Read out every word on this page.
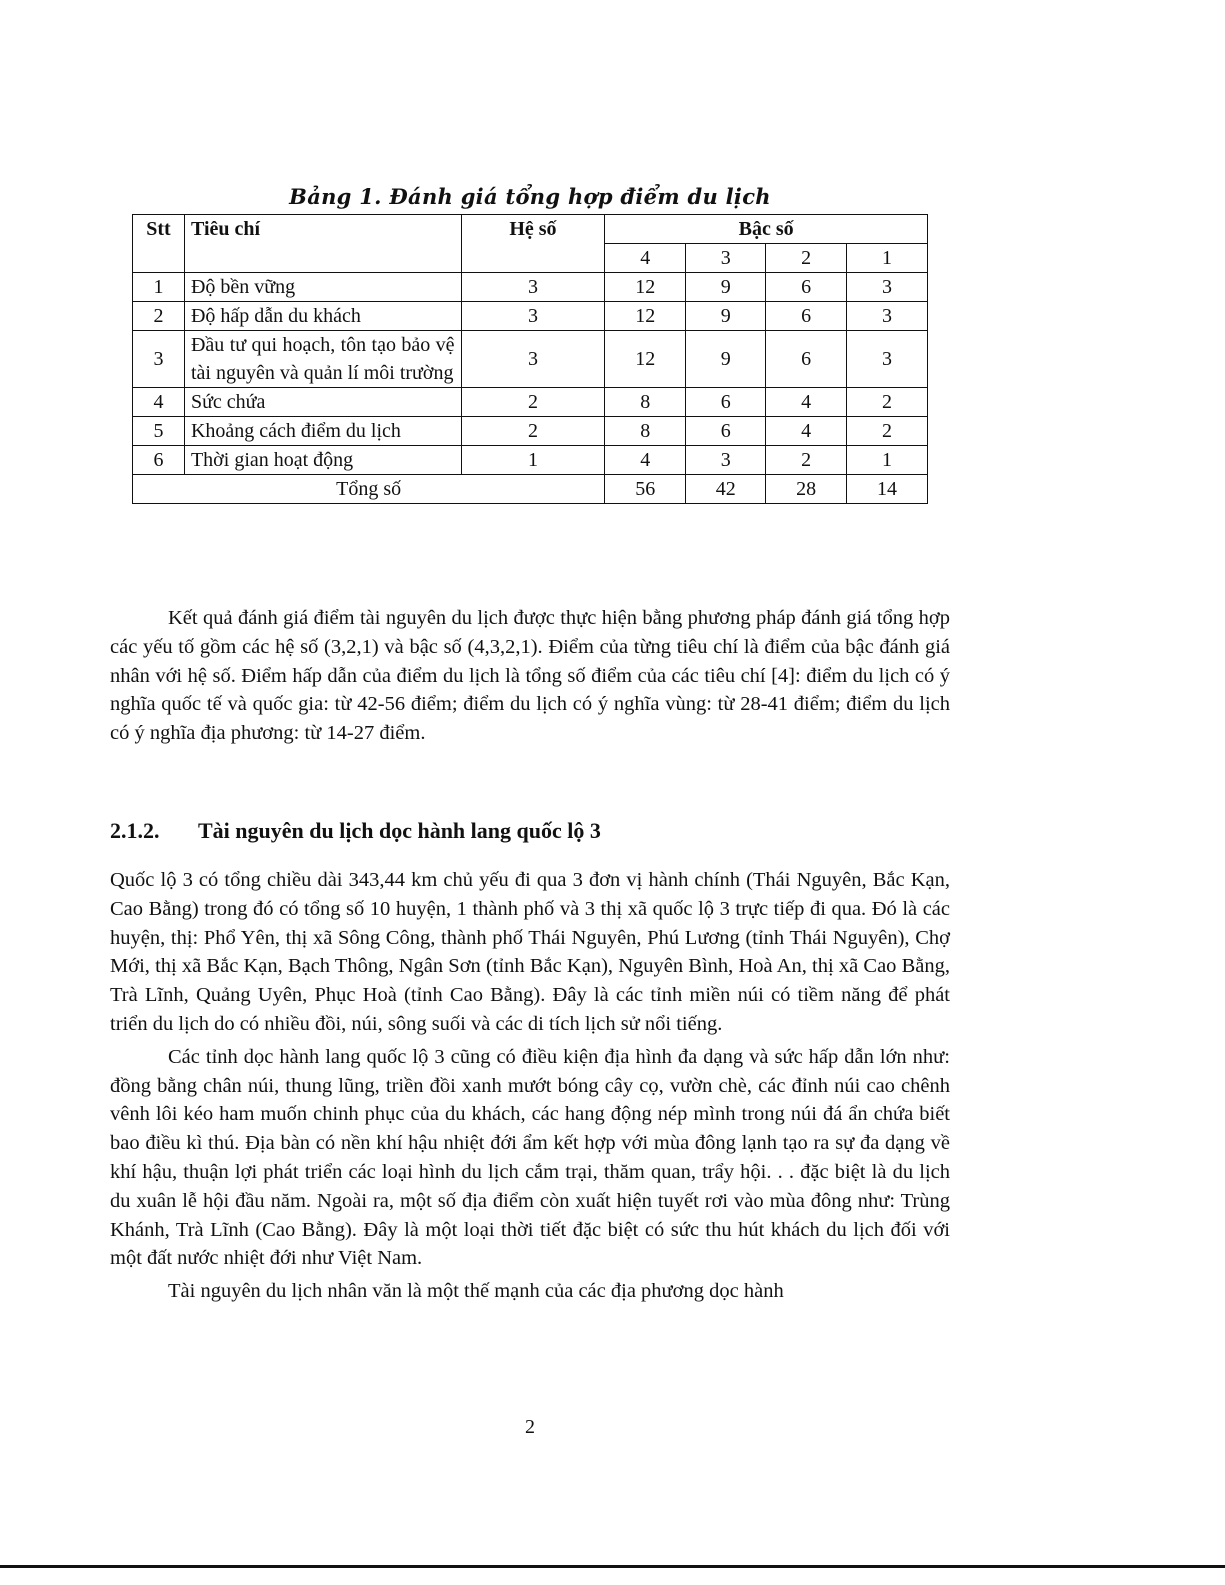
Bảng 1. Đánh giá tổng hợp điểm du lịch
Stt	Tiêu chí	Hệ số	Bậc số			
			4	3	2	1
1	Độ bền vững	3	12	9	6	3
2	Độ hấp dẫn du khách	3	12	9	6	3
3	Đầu tư qui hoạch, tôn tạo bảo vệ tài nguyên và quản lí môi trường	3	12	9	6	3
4	Sức chứa	2	8	6	4	2
5	Khoảng cách điểm du lịch	2	8	6	4	2
6	Thời gian hoạt động	1	4	3	2	1
Tổng số			56	42	28	14

Kết quả đánh giá điểm tài nguyên du lịch được thực hiện bằng phương pháp đánh giá tổng hợp các yếu tố gồm các hệ số (3,2,1) và bậc số (4,3,2,1). Điểm của từng tiêu chí là điểm của bậc đánh giá nhân với hệ số. Điểm hấp dẫn của điểm du lịch là tổng số điểm của các tiêu chí [4]: điểm du lịch có ý nghĩa quốc tế và quốc gia: từ 42-56 điểm; điểm du lịch có ý nghĩa vùng: từ 28-41 điểm; điểm du lịch có ý nghĩa địa phương: từ 14-27 điểm.

2.1.2. Tài nguyên du lịch dọc hành lang quốc lộ 3

Quốc lộ 3 có tổng chiều dài 343,44 km chủ yếu đi qua 3 đơn vị hành chính (Thái Nguyên, Bắc Kạn, Cao Bằng) trong đó có tổng số 10 huyện, 1 thành phố và 3 thị xã quốc lộ 3 trực tiếp đi qua. Đó là các huyện, thị: Phổ Yên, thị xã Sông Công, thành phố Thái Nguyên, Phú Lương (tỉnh Thái Nguyên), Chợ Mới, thị xã Bắc Kạn, Bạch Thông, Ngân Sơn (tỉnh Bắc Kạn), Nguyên Bình, Hoà An, thị xã Cao Bằng, Trà Lĩnh, Quảng Uyên, Phục Hoà (tỉnh Cao Bằng). Đây là các tỉnh miền núi có tiềm năng để phát triển du lịch do có nhiều đồi, núi, sông suối và các di tích lịch sử nổi tiếng.

Các tỉnh dọc hành lang quốc lộ 3 cũng có điều kiện địa hình đa dạng và sức hấp dẫn lớn như: đồng bằng chân núi, thung lũng, triền đồi xanh mướt bóng cây cọ, vườn chè, các đỉnh núi cao chênh vênh lôi kéo ham muốn chinh phục của du khách, các hang động nép mình trong núi đá ẩn chứa biết bao điều kì thú. Địa bàn có nền khí hậu nhiệt đới ẩm kết hợp với mùa đông lạnh tạo ra sự đa dạng về khí hậu, thuận lợi phát triển các loại hình du lịch cắm trại, thăm quan, trẩy hội. . . đặc biệt là du lịch du xuân lễ hội đầu năm. Ngoài ra, một số địa điểm còn xuất hiện tuyết rơi vào mùa đông như: Trùng Khánh, Trà Lĩnh (Cao Bằng). Đây là một loại thời tiết đặc biệt có sức thu hút khách du lịch đối với một đất nước nhiệt đới như Việt Nam.

Tài nguyên du lịch nhân văn là một thế mạnh của các địa phương dọc hành

2
